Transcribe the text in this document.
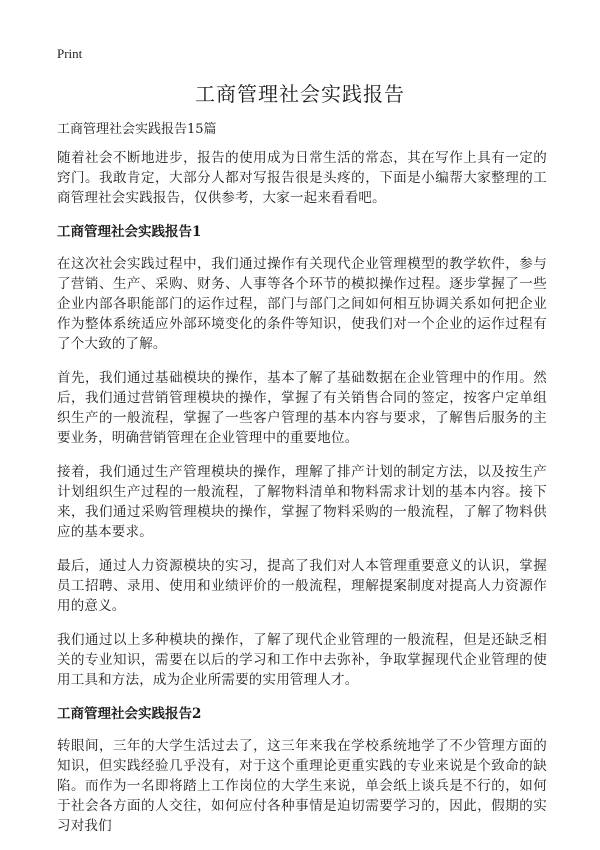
Print
工商管理社会实践报告

工商管理社会实践报告15篇

随着社会不断地进步，报告的使用成为日常生活的常态，其在写作上具有一定的窍门。我敢肯定，大部分人都对写报告很是头疼的，下面是小编帮大家整理的工商管理社会实践报告，仅供参考，大家一起来看看吧。

工商管理社会实践报告1

在这次社会实践过程中，我们通过操作有关现代企业管理模型的教学软件，参与了营销、生产、采购、财务、人事等各个环节的模拟操作过程。逐步掌握了一些企业内部各职能部门的运作过程，部门与部门之间如何相互协调关系如何把企业作为整体系统适应外部环境变化的条件等知识，使我们对一个企业的运作过程有了个大致的了解。

首先，我们通过基础模块的操作，基本了解了基础数据在企业管理中的作用。然后，我们通过营销管理模块的操作，掌握了有关销售合同的签定，按客户定单组织生产的一般流程，掌握了一些客户管理的基本内容与要求，了解售后服务的主要业务，明确营销管理在企业管理中的重要地位。

接着，我们通过生产管理模块的操作，理解了排产计划的制定方法，以及按生产计划组织生产过程的一般流程，了解物料清单和物料需求计划的基本内容。接下来，我们通过采购管理模块的操作，掌握了物料采购的一般流程，了解了物料供应的基本要求。

最后，通过人力资源模块的实习，提高了我们对人本管理重要意义的认识，掌握员工招聘、录用、使用和业绩评价的一般流程，理解提案制度对提高人力资源作用的意义。

我们通过以上多种模块的操作，了解了现代企业管理的一般流程，但是还缺乏相关的专业知识，需要在以后的学习和工作中去弥补，争取掌握现代企业管理的使用工具和方法，成为企业所需要的实用管理人才。

工商管理社会实践报告2

转眼间，三年的大学生活过去了，这三年来我在学校系统地学了不少管理方面的知识，但实践经验几乎没有，对于这个重理论更重实践的专业来说是个致命的缺陷。而作为一名即将踏上工作岗位的大学生来说，单会纸上谈兵是不行的，如何于社会各方面的人交往，如何应付各种事情是迫切需要学习的，因此，假期的实习对我们
